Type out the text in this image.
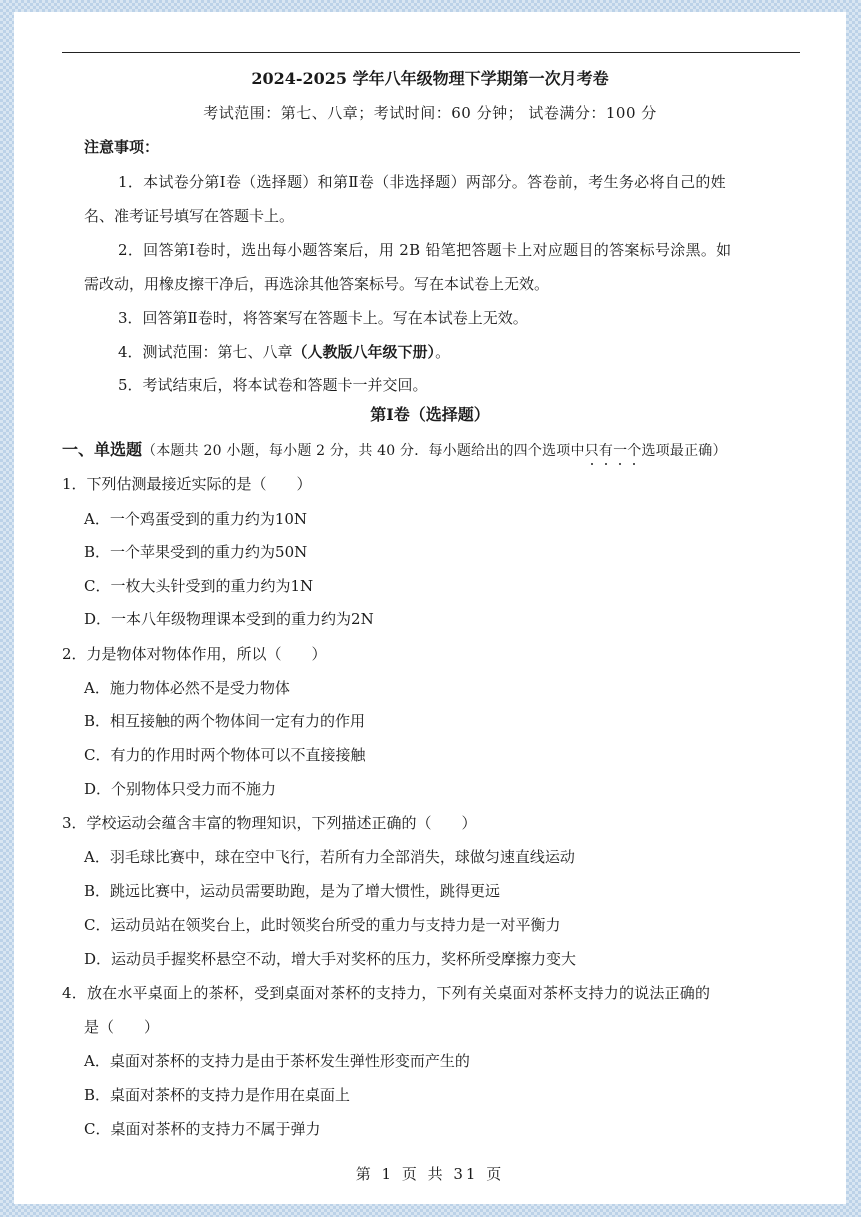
2024-2025 学年八年级物理下学期第一次月考卷
考试范围：第七、八章；考试时间：60 分钟； 试卷满分：100 分
注意事项：
1．本试卷分第Ⅰ卷（选择题）和第Ⅱ卷（非选择题）两部分。答卷前，考生务必将自己的姓
名、准考证号填写在答题卡上。
2．回答第Ⅰ卷时，选出每小题答案后，用 2B 铅笔把答题卡上对应题目的答案标号涂黑。如
需改动，用橡皮擦干净后，再选涂其他答案标号。写在本试卷上无效。
3．回答第Ⅱ卷时，将答案写在答题卡上。写在本试卷上无效。
4．测试范围：第七、八章（人教版八年级下册）。
5．考试结束后，将本试卷和答题卡一并交回。
第Ⅰ卷（选择题）
一、单选题（本题共 20 小题，每小题 2 分，共 40 分．每小题给出的四个选项中只有一个选项最正确）
1．下列估测最接近实际的是（　　）
A．一个鸡蛋受到的重力约为10N
B．一个苹果受到的重力约为50N
C．一枚大头针受到的重力约为1N
D．一本八年级物理课本受到的重力约为2N
2．力是物体对物体作用，所以（　　）
A．施力物体必然不是受力物体
B．相互接触的两个物体间一定有力的作用
C．有力的作用时两个物体可以不直接接触
D．个别物体只受力而不施力
3．学校运动会蕴含丰富的物理知识，下列描述正确的（　　）
A．羽毛球比赛中，球在空中飞行，若所有力全部消失，球做匀速直线运动
B．跳远比赛中，运动员需要助跑，是为了增大惯性，跳得更远
C．运动员站在领奖台上，此时领奖台所受的重力与支持力是一对平衡力
D．运动员手握奖杯悬空不动，增大手对奖杯的压力，奖杯所受摩擦力变大
4．放在水平桌面上的茶杯，受到桌面对茶杯的支持力，下列有关桌面对茶杯支持力的说法正确的
是（　　）
A．桌面对茶杯的支持力是由于茶杯发生弹性形变而产生的
B．桌面对茶杯的支持力是作用在桌面上
C．桌面对茶杯的支持力不属于弹力
第 1 页 共 31 页
